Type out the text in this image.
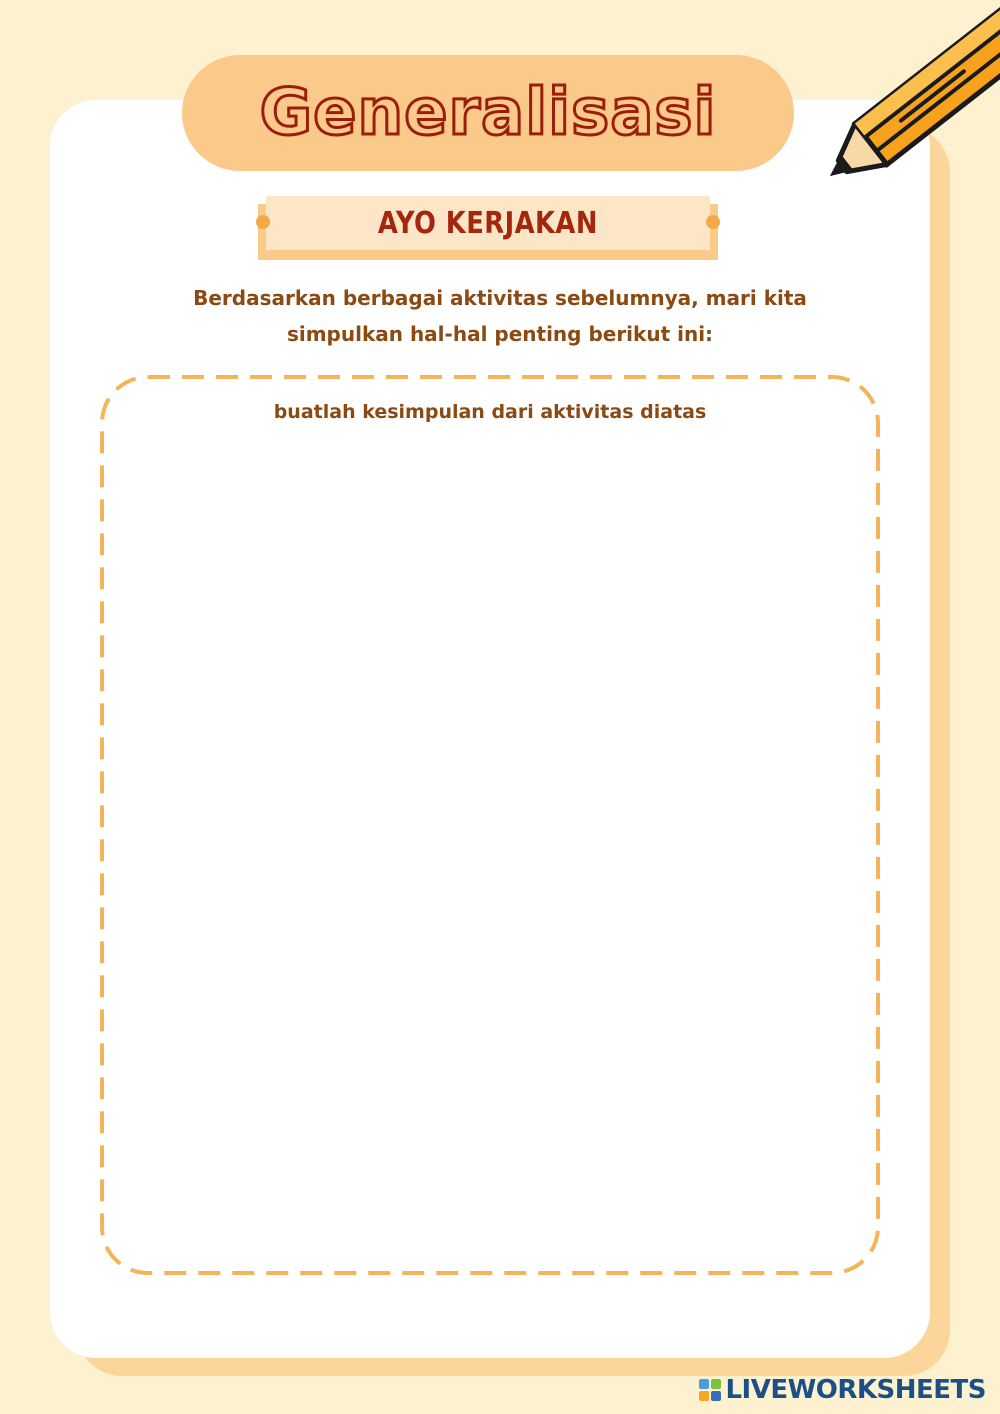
Generalisasi
AYO KERJAKAN
Berdasarkan berbagai aktivitas sebelumnya, mari kita
simpulkan hal-hal penting berikut ini:
buatlah kesimpulan dari aktivitas diatas
LIVEWORKSHEETS
